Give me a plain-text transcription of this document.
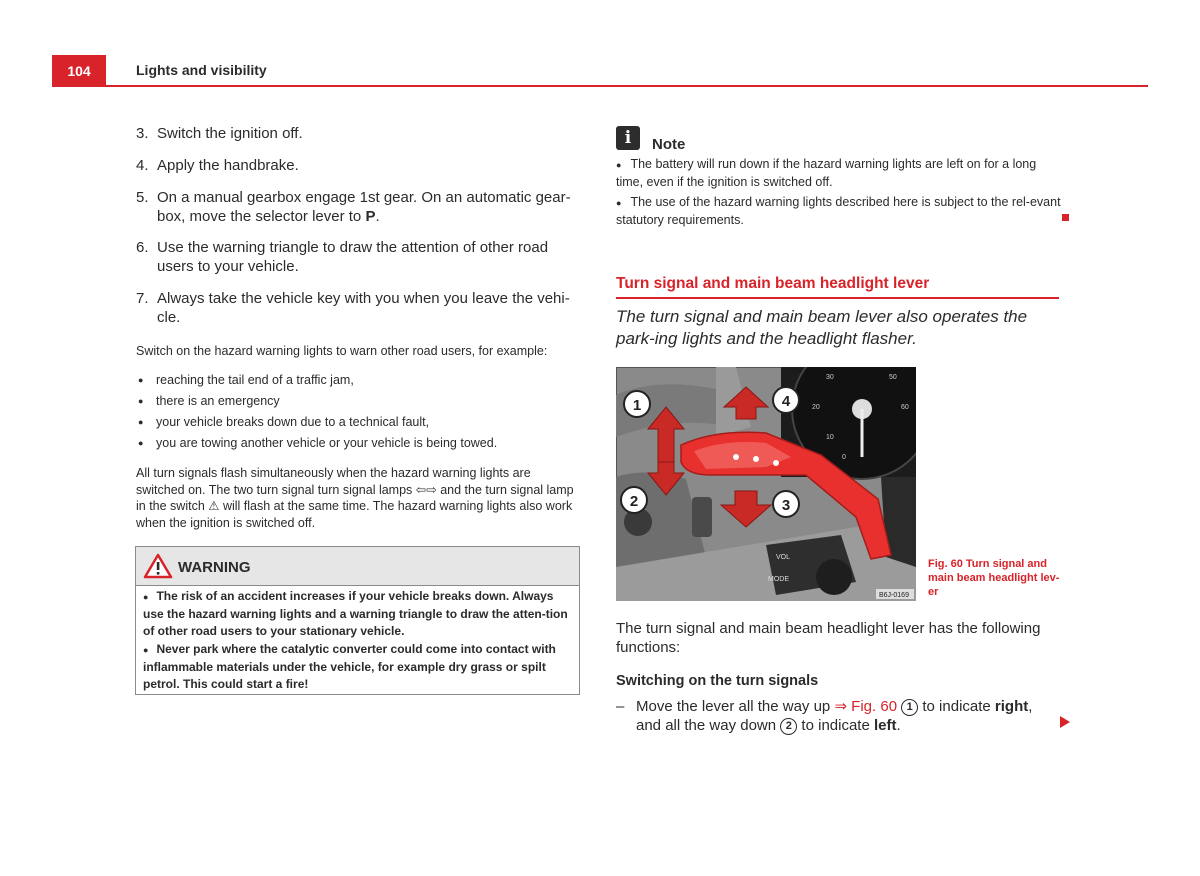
104	Lights and visibility
3. Switch the ignition off.
4. Apply the handbrake.
5. On a manual gearbox engage 1st gear. On an automatic gear-box, move the selector lever to P.
6. Use the warning triangle to draw the attention of other road users to your vehicle.
7. Always take the vehicle key with you when you leave the vehi-cle.
Switch on the hazard warning lights to warn other road users, for example:
● reaching the tail end of a traffic jam,
● there is an emergency
● your vehicle breaks down due to a technical fault,
● you are towing another vehicle or your vehicle is being towed.
All turn signals flash simultaneously when the hazard warning lights are switched on. The two turn signal turn signal lamps ⇦⇨ and the turn signal lamp in the switch ⚠ will flash at the same time. The hazard warning lights also work when the ignition is switched off.
WARNING
● The risk of an accident increases if your vehicle breaks down. Always use the hazard warning lights and a warning triangle to draw the atten-tion of other road users to your stationary vehicle.
● Never park where the catalytic converter could come into contact with inflammable materials under the vehicle, for example dry grass or spilt petrol. This could start a fire!
i	Note
● The battery will run down if the hazard warning lights are left on for a long time, even if the ignition is switched off.
● The use of the hazard warning lights described here is subject to the rel-evant statutory requirements.
Turn signal and main beam headlight lever
The turn signal and main beam lever also operates the park-ing lights and the headlight flasher.
30	50
20	60
10
0
VOL
MODE
1
2	3
4
B6J-0169
Fig. 60 Turn signal and main beam headlight lev-er
The turn signal and main beam headlight lever has the following functions:
Switching on the turn signals
– Move the lever all the way up ⇒ Fig. 60 1 to indicate right, and all the way down 2 to indicate left.
